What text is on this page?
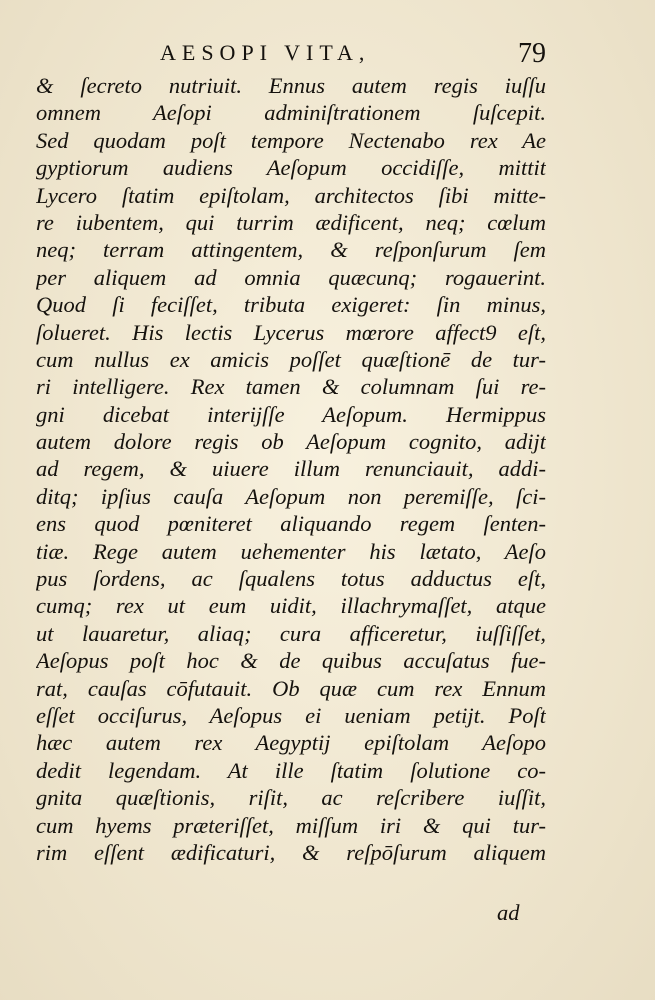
AESOPI VITA,	79
& ſecreto nutriuit. Ennus autem regis iuſſu
omnem Aeſopi adminiſtrationem ſuſcepit.
Sed quodam poſt tempore Nectenabo rex Ae
gyptiorum audiens Aeſopum occidiſſe, mittit
Lycero ſtatim epiſtolam, architectos ſibi mitte-
re iubentem, qui turrim ædificent, neq; cœlum
neq; terram attingentem, & reſponſurum ſem
per aliquem ad omnia quæcunq; rogauerint.
Quod ſi feciſſet, tributa exigeret: ſin minus,
ſolueret. His lectis Lycerus mœrore affect9 eſt,
cum nullus ex amicis poſſet quæſtionē de tur-
ri intelligere. Rex tamen & columnam ſui re-
gni dicebat interijſſe Aeſopum. Hermippus
autem dolore regis ob Aeſopum cognito, adijt
ad regem, & uiuere illum renunciauit, addi-
ditq; ipſius cauſa Aeſopum non peremiſſe, ſci-
ens quod pœniteret aliquando regem ſenten-
tiæ. Rege autem uehementer his lætato, Aeſo
pus ſordens, ac ſqualens totus adductus eſt,
cumq; rex ut eum uidit, illachrymaſſet, atque
ut lauaretur, aliaq; cura afficeretur, iuſſiſſet,
Aeſopus poſt hoc & de quibus accuſatus fue-
rat, cauſas cōfutauit. Ob quæ cum rex Ennum
eſſet occiſurus, Aeſopus ei ueniam petijt. Poſt
hæc autem rex Aegyptij epiſtolam Aeſopo
dedit legendam. At ille ſtatim ſolutione co-
gnita quæſtionis, riſit, ac reſcribere iuſſit,
cum hyems præteriſſet, miſſum iri & qui tur-
rim eſſent ædificaturi, & reſpōſurum aliquem
ad
